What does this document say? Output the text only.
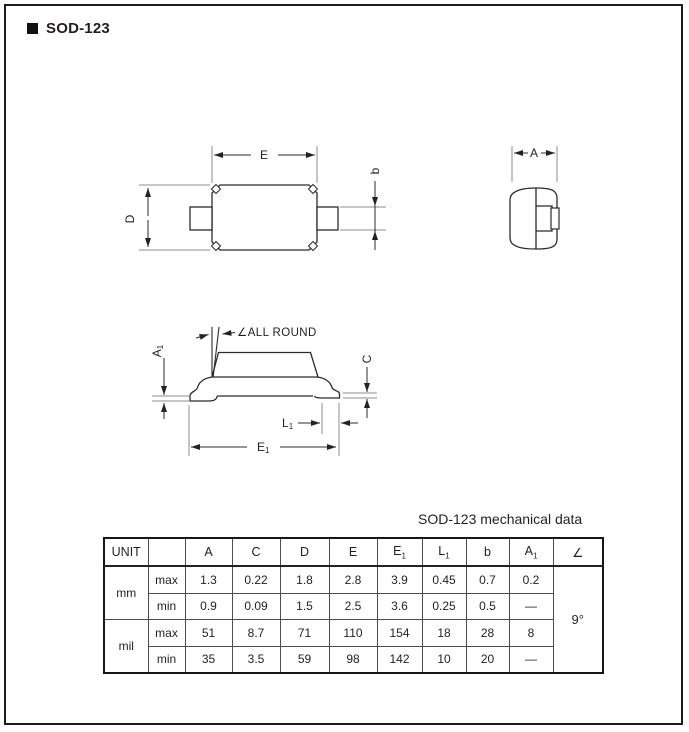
SOD-123
E
D
b
A
∠ALL ROUND
A1
C
L1
E1
SOD-123 mechanical data
UNIT		A	C	D	E	$E_1$	$L_1$	b	$A_1$	∠
mm	max	1.3	0.22	1.8	2.8	3.9	0.45	0.7	0.2	9°
	min	0.9	0.09	1.5	2.5	3.6	0.25	0.5	—	
mil	max	51	8.7	71	110	154	18	28	8	
	min	35	3.5	59	98	142	10	20	—	
